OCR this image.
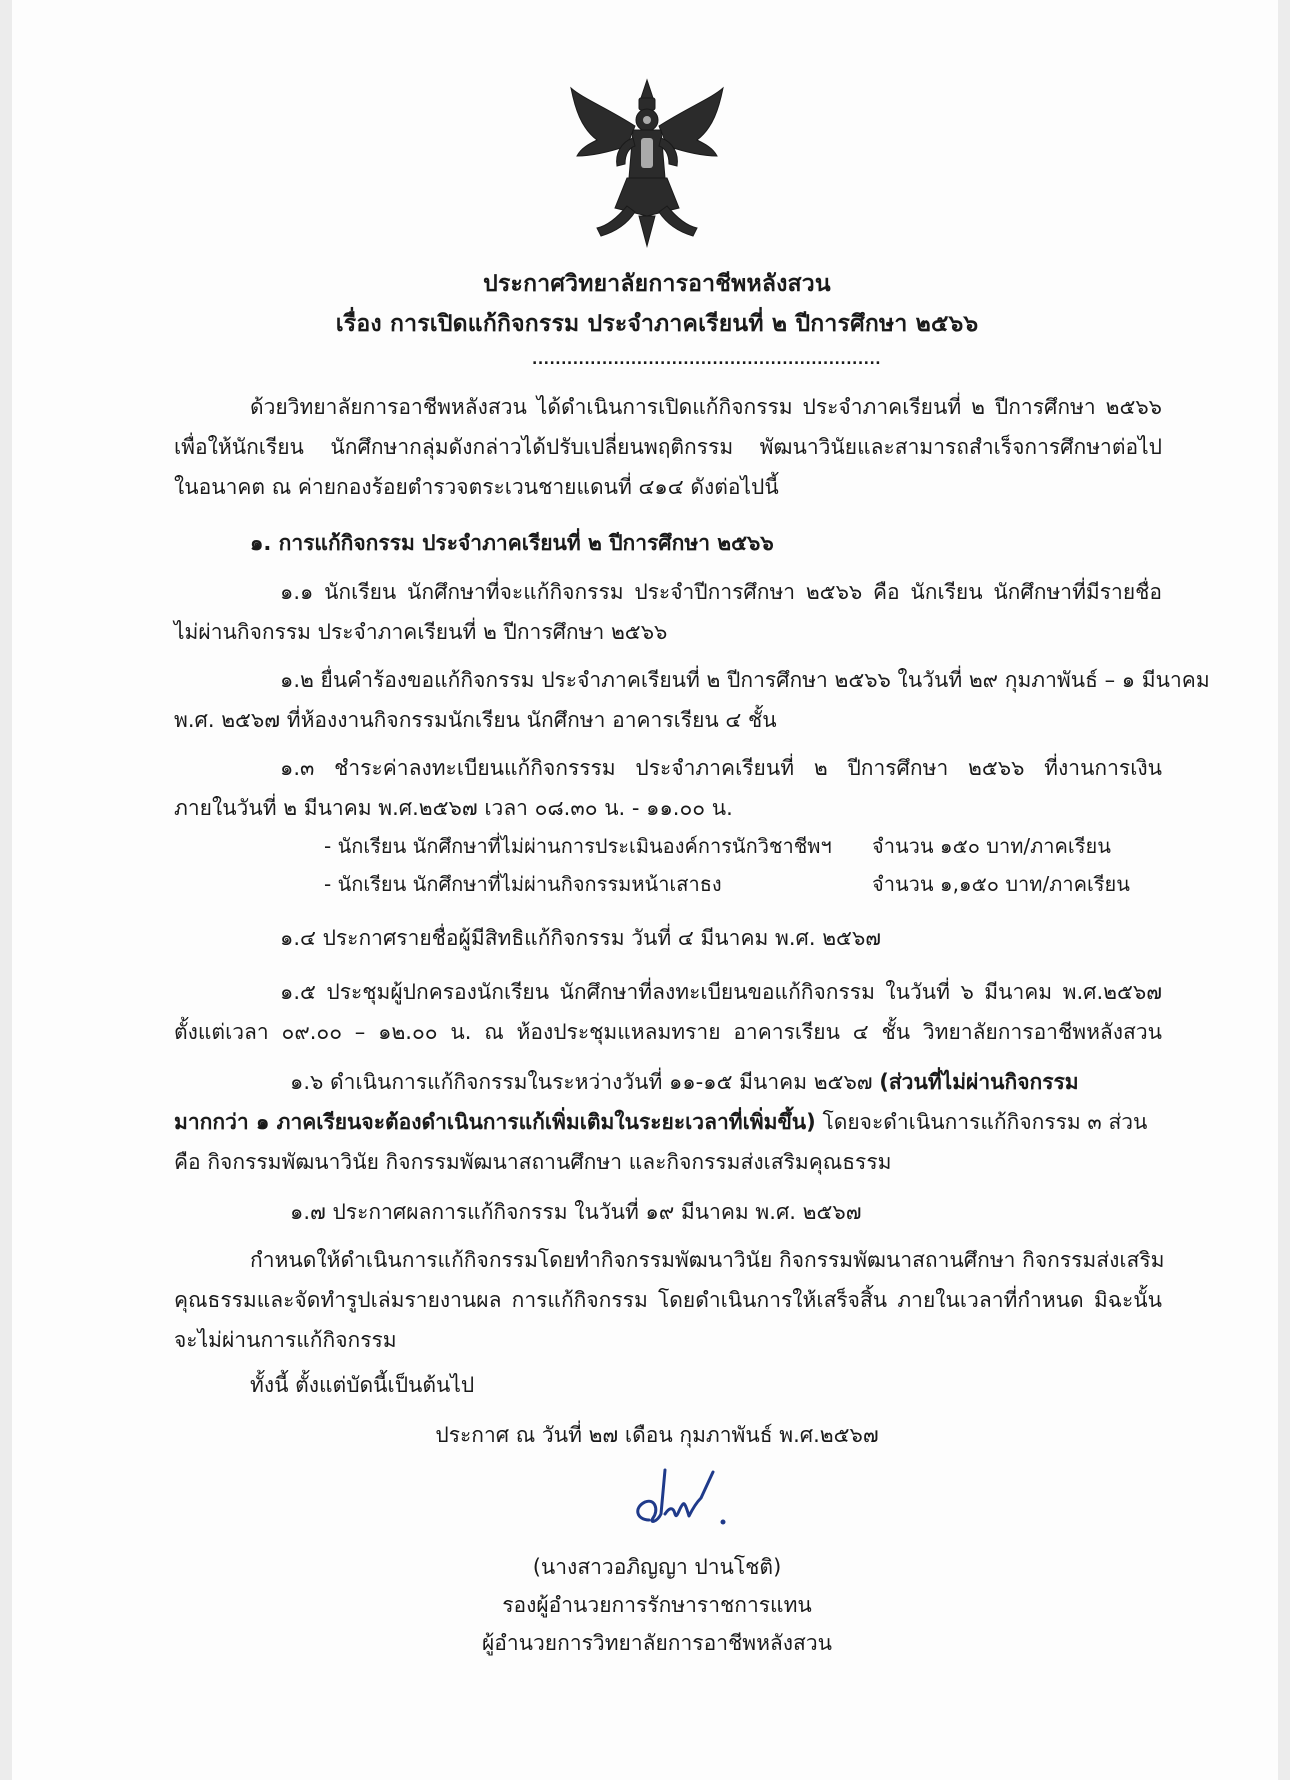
ประกาศวิทยาลัยการอาชีพหลังสวน
เรื่อง การเปิดแก้กิจกรรม ประจำภาคเรียนที่ ๒ ปีการศึกษา ๒๕๖๖
............................................................
ด้วยวิทยาลัยการอาชีพหลังสวน ได้ดำเนินการเปิดแก้กิจกรรม ประจำภาคเรียนที่ ๒ ปีการศึกษา ๒๕๖๖
เพื่อให้นักเรียน นักศึกษากลุ่มดังกล่าวได้ปรับเปลี่ยนพฤติกรรม พัฒนาวินัยและสามารถสำเร็จการศึกษาต่อไป
ในอนาคต ณ ค่ายกองร้อยตำรวจตระเวนชายแดนที่ ๔๑๔ ดังต่อไปนี้
๑. การแก้กิจกรรม ประจำภาคเรียนที่ ๒ ปีการศึกษา ๒๕๖๖
๑.๑ นักเรียน นักศึกษาที่จะแก้กิจกรรม ประจำปีการศึกษา ๒๕๖๖ คือ นักเรียน นักศึกษาที่มีรายชื่อ
ไม่ผ่านกิจกรรม ประจำภาคเรียนที่ ๒ ปีการศึกษา ๒๕๖๖
๑.๒ ยื่นคำร้องขอแก้กิจกรรม ประจำภาคเรียนที่ ๒ ปีการศึกษา ๒๕๖๖ ในวันที่ ๒๙ กุมภาพันธ์ – ๑ มีนาคม
พ.ศ. ๒๕๖๗ ที่ห้องงานกิจกรรมนักเรียน นักศึกษา อาคารเรียน ๔ ชั้น
๑.๓ ชำระค่าลงทะเบียนแก้กิจกรรรม ประจำภาคเรียนที่ ๒ ปีการศึกษา ๒๕๖๖ ที่งานการเงิน
ภายในวันที่ ๒ มีนาคม พ.ศ.๒๕๖๗ เวลา ๐๘.๓๐ น. - ๑๑.๐๐ น.
- นักเรียน นักศึกษาที่ไม่ผ่านการประเมินองค์การนักวิชาชีพฯ จำนวน ๑๕๐ บาท/ภาคเรียน
- นักเรียน นักศึกษาที่ไม่ผ่านกิจกรรมหน้าเสาธง	จำนวน ๑,๑๕๐ บาท/ภาคเรียน
๑.๔ ประกาศรายชื่อผู้มีสิทธิแก้กิจกรรม วันที่ ๔ มีนาคม พ.ศ. ๒๕๖๗
๑.๕ ประชุมผู้ปกครองนักเรียน นักศึกษาที่ลงทะเบียนขอแก้กิจกรรม ในวันที่ ๖ มีนาคม พ.ศ.๒๕๖๗
ตั้งแต่เวลา ๐๙.๐๐ – ๑๒.๐๐ น. ณ ห้องประชุมแหลมทราย อาคารเรียน ๔ ชั้น วิทยาลัยการอาชีพหลังสวน
๑.๖ ดำเนินการแก้กิจกรรมในระหว่างวันที่ ๑๑-๑๕ มีนาคม ๒๕๖๗ (ส่วนที่ไม่ผ่านกิจกรรม
มากกว่า ๑ ภาคเรียนจะต้องดำเนินการแก้เพิ่มเติมในระยะเวลาที่เพิ่มขึ้น) โดยจะดำเนินการแก้กิจกรรม ๓ ส่วน
คือ กิจกรรมพัฒนาวินัย กิจกรรมพัฒนาสถานศึกษา และกิจกรรมส่งเสริมคุณธรรม
๑.๗ ประกาศผลการแก้กิจกรรม ในวันที่ ๑๙ มีนาคม พ.ศ. ๒๕๖๗
กำหนดให้ดำเนินการแก้กิจกรรมโดยทำกิจกรรมพัฒนาวินัย กิจกรรมพัฒนาสถานศึกษา กิจกรรมส่งเสริม
คุณธรรมและจัดทำรูปเล่มรายงานผล การแก้กิจกรรม โดยดำเนินการให้เสร็จสิ้น ภายในเวลาที่กำหนด มิฉะนั้น
จะไม่ผ่านการแก้กิจกรรม
ทั้งนี้ ตั้งแต่บัดนี้เป็นต้นไป
ประกาศ ณ วันที่ ๒๗ เดือน กุมภาพันธ์ พ.ศ.๒๕๖๗
(นางสาวอภิญญา ปานโชติ)
รองผู้อำนวยการรักษาราชการแทน
ผู้อำนวยการวิทยาลัยการอาชีพหลังสวน
